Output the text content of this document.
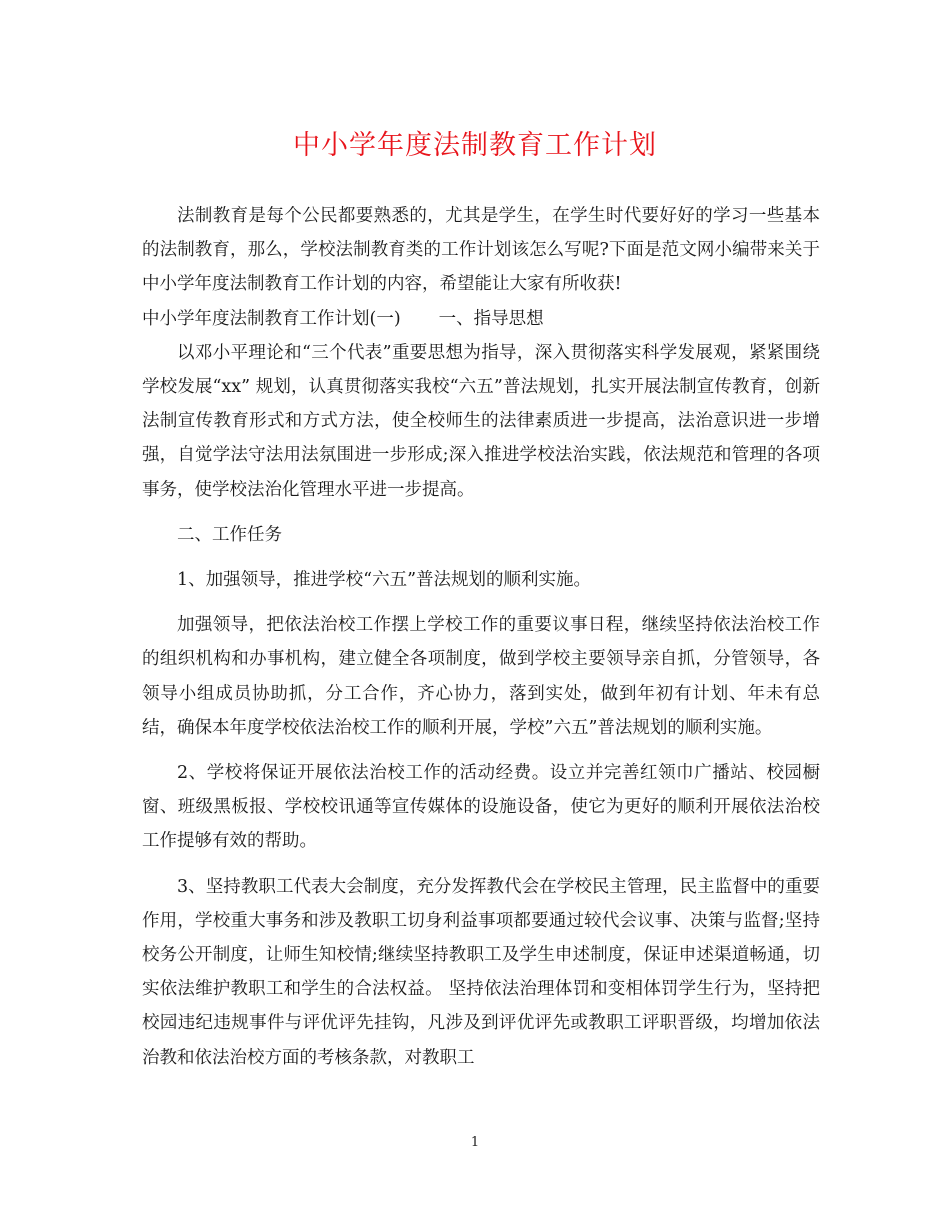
中小学年度法制教育工作计划

法制教育是每个公民都要熟悉的，尤其是学生，在学生时代要好好的学习一些基本的法制教育，那么，学校法制教育类的工作计划该怎么写呢?下面是范文网小编带来关于中小学年度法制教育工作计划的内容，希望能让大家有所收获!

中小学年度法制教育工作计划(一) 一、指导思想

以邓小平理论和“三个代表”重要思想为指导，深入贯彻落实科学发展观，紧紧围绕学校发展“xx” 规划，认真贯彻落实我校“六五”普法规划，扎实开展法制宣传教育，创新法制宣传教育形式和方式方法，使全校师生的法律素质进一步提高，法治意识进一步增强，自觉学法守法用法氛围进一步形成;深入推进学校法治实践，依法规范和管理的各项事务，使学校法治化管理水平进一步提高。

二、工作任务

1、加强领导，推进学校“六五”普法规划的顺利实施。

加强领导，把依法治校工作摆上学校工作的重要议事日程，继续坚持依法治校工作的组织机构和办事机构，建立健全各项制度，做到学校主要领导亲自抓，分管领导，各领导小组成员协助抓，分工合作，齐心协力，落到实处，做到年初有计划、年未有总结，确保本年度学校依法治校工作的顺利开展，学校”六五”普法规划的顺利实施。

2、学校将保证开展依法治校工作的活动经费。设立并完善红领巾广播站、校园橱窗、班级黑板报、学校校讯通等宣传媒体的设施设备，使它为更好的顺利开展依法治校工作提够有效的帮助。

3、坚持教职工代表大会制度，充分发挥教代会在学校民主管理，民主监督中的重要作用，学校重大事务和涉及教职工切身利益事项都要通过较代会议事、决策与监督;坚持校务公开制度，让师生知校情;继续坚持教职工及学生申述制度，保证申述渠道畅通，切实依法维护教职工和学生的合法权益。 坚持依法治理体罚和变相体罚学生行为，坚持把校园违纪违规事件与评优评先挂钩，凡涉及到评优评先或教职工评职晋级，均增加依法治教和依法治校方面的考核条款，对教职工

1
